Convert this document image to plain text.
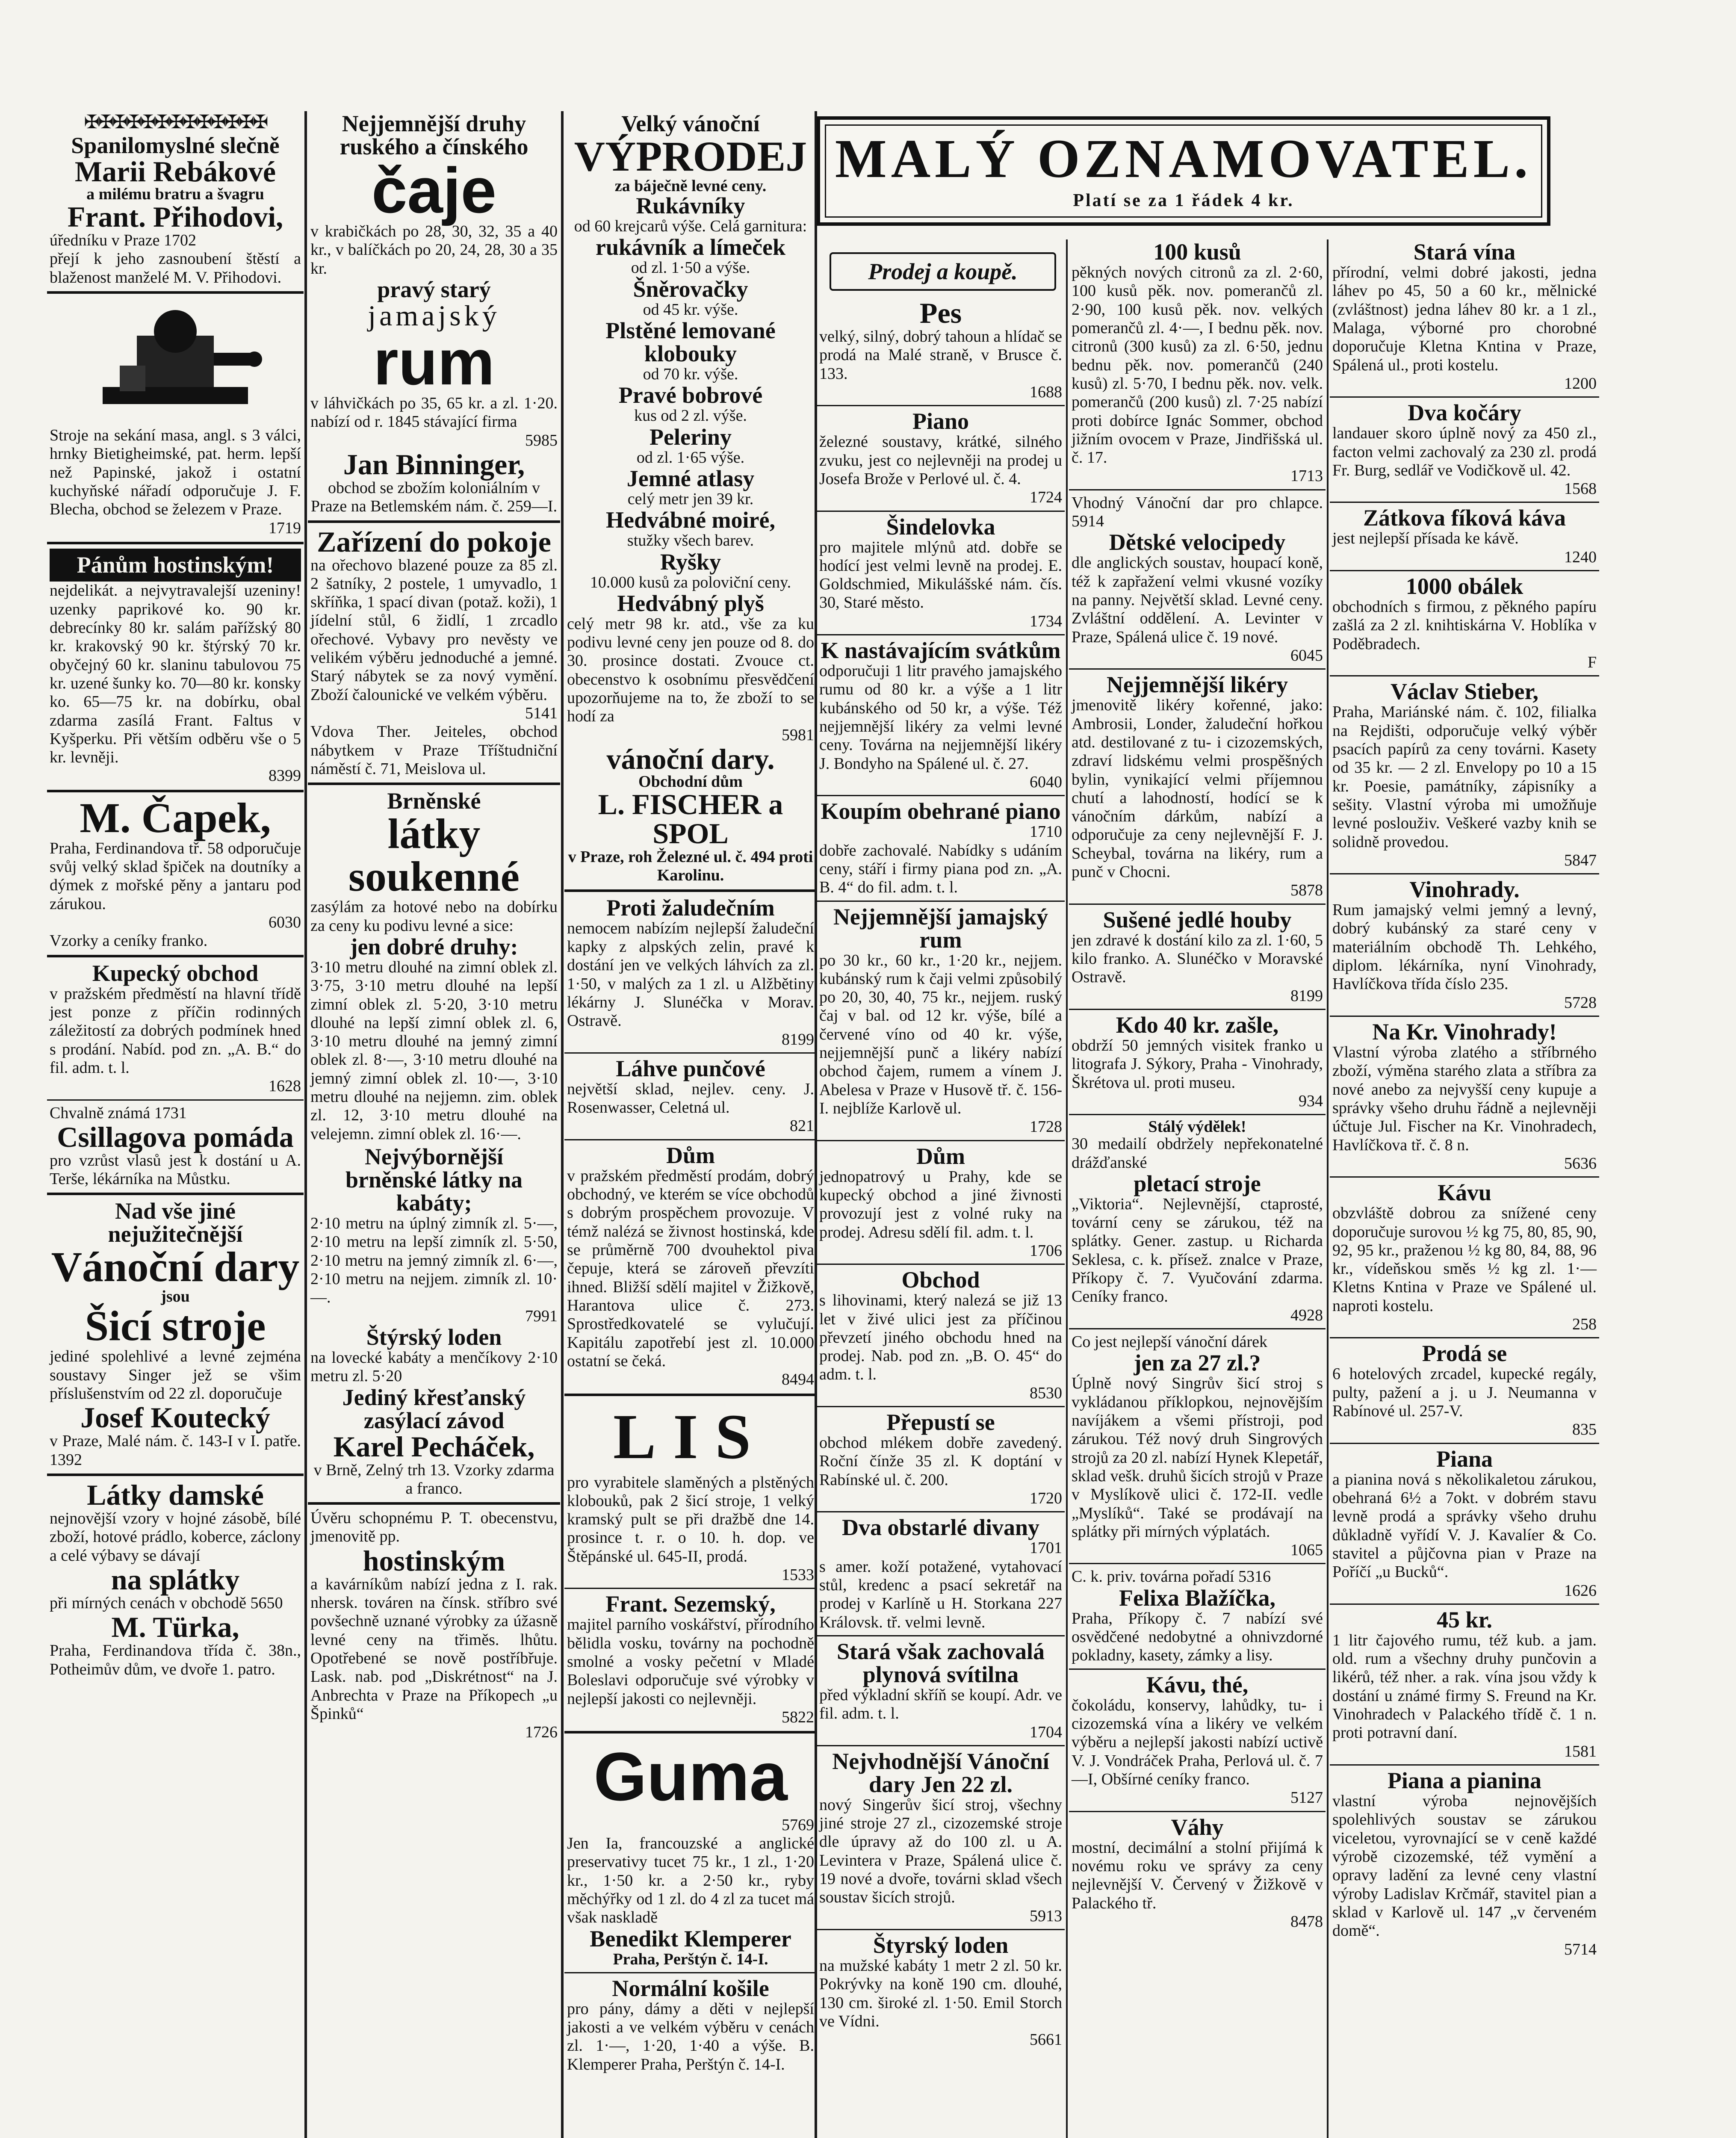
✠✠✠✠✠✠✠✠✠✠✠✠✠
Spanilomyslné slečně
Marii Rebákové
a milému bratru a švagru
Frant. Přihodovi,

úředníku v Praze 1702

přejí k jeho zasnoubení štěstí a blaženost manželé M. V. Přihodovi.

Stroje na sekání masa, angl. s 3 válci, hrnky Bietigheimské, pat. herm. lepší než Papinské, jakož i ostatní kuchyňské nářadí odporučuje J. F. Blecha, obchod se železem v Praze.

1719
Pánům hostinským!

nejdelikát. a nejvytravalejší uzeniny! uzenky paprikové ko. 90 kr. debrecínky 80 kr. salám pařížský 80 kr. krakovský 90 kr. štýrský 70 kr. obyčejný 60 kr. slaninu tabulovou 75 kr. uzené šunky ko. 70—80 kr. konsky ko. 65—75 kr. na dobírku, obal zdarma zasílá Frant. Faltus v Kyšperku. Při větším odběru vše o 5 kr. levněji.

8399
M. Čapek,

Praha, Ferdinandova tř. 58 odporučuje svůj velký sklad špiček na doutníky a dýmek z mořské pěny a jantaru pod zárukou.

6030

Vzorky a ceníky franko.

Kupecký obchod

v pražském předměstí na hlavní třídě jest ponze z příčin rodinných záležitostí za dobrých podmínek hned s prodání. Nabíd. pod zn. „A. B.“ do fil. adm. t. l.

1628

Chvalně známá 1731

Csillagova pomáda

pro vzrůst vlasů jest k dostání u A. Terše, lékárníka na Můstku.

Nad vše jiné nejužitečnější
Vánoční dary
jsou
Šicí stroje

jediné spolehlivé a levné zejména soustavy Singer jež se všim příslušenstvím od 22 zl. doporučuje

Josef Koutecký

v Praze, Malé nám. č. 143-I v I. patře. 1392

Látky damské

nejnovější vzory v hojné zásobě, bílé zboží, hotové prádlo, koberce, záclony a celé výbavy se dávají

na splátky

při mírných cenách v obchodě 5650

M. Türka,

Praha, Ferdinandova třída č. 38n., Potheimův dům, ve dvoře 1. patro.

Nejjemnější druhy ruského a čínského
čaje

v krabičkách po 28, 30, 32, 35 a 40 kr., v balíčkách po 20, 24, 28, 30 a 35 kr.

pravý starý
jamajský
rum

v láhvičkách po 35, 65 kr. a zl. 1·20. nabízí od r. 1845 stávající firma

5985
Jan Binninger,

obchod se zbožím koloniálním v Praze na Betlemském nám. č. 259—I.

Zařízení do pokoje

na ořechovo blazené pouze za 85 zl. 2 šatníky, 2 postele, 1 umyvadlo, 1 skříňka, 1 spací divan (potaž. koži), 1 jídelní stůl, 6 židlí, 1 zrcadlo ořechové. Vybavy pro nevěsty ve velikém výběru jednoduché a jemné. Starý nábytek se za nový vymění. Zboží čalounické ve velkém výběru.

5141

Vdova Ther. Jeiteles, obchod nábytkem v Praze Tříštudniční náměstí č. 71, Meislova ul.

Brněnské
látky soukenné

zasýlám za hotové nebo na dobírku za ceny ku podivu levné a sice:

jen dobré druhy:

3·10 metru dlouhé na zimní oblek zl. 3·75, 3·10 metru dlouhé na lepší zimní oblek zl. 5·20, 3·10 metru dlouhé na lepší zimní oblek zl. 6, 3·10 metru dlouhé na jemný zimní oblek zl. 8·—, 3·10 metru dlouhé na jemný zimní oblek zl. 10·—, 3·10 metru dlouhé na nejjemn. zim. oblek zl. 12, 3·10 metru dlouhé na velejemn. zimní oblek zl. 16·—.

Nejvýbornější
brněnské látky na kabáty;

2·10 metru na úplný zimník zl. 5·—, 2·10 metru na lepší zimník zl. 5·50, 2·10 metru na jemný zimník zl. 6·—, 2·10 metru na nejjem. zimník zl. 10·—.

7991
Štýrský loden

na lovecké kabáty a menčíkovy 2·10 metru zl. 5·20

Jediný křesťanský zasýlací závod
Karel Pecháček,

v Brně, Zelný trh 13. Vzorky zdarma a franco.

Úvěru schopnému P. T. obecenstvu, jmenovitě pp.

hostinským

a kavárníkům nabízí jedna z I. rak. nhersk. továren na čínsk. stříbro své povšechně uznané výrobky za úžasně levné ceny na třiměs. lhůtu. Opotřebené se nově postříbřuje. Lask. nab. pod „Diskrétnost“ na J. Anbrechta v Praze na Příkopech „u Špinků“

1726
Velký vánoční
VÝPRODEJ
za báječně levné ceny.
Rukávníky

od 60 krejcarů výše. Celá garnitura:

rukávník a límeček

od zl. 1·50 a výše.

Šněrovačky

od 45 kr. výše.

Plstěné lemované klobouky

od 70 kr. výše.

Pravé bobrové

kus od 2 zl. výše.

Peleriny

od zl. 1·65 výše.

Jemné atlasy

celý metr jen 39 kr.

Hedvábné moiré,

stužky všech barev.

Ryšky

10.000 kusů za poloviční ceny.

Hedvábný plyš

celý metr 98 kr. atd., vše za ku podivu levné ceny jen pouze od 8. do 30. prosince dostati. Zvouce ct. obecenstvo k osobnímu přesvědčení upozorňujeme na to, že zboží to se hodí za

5981
vánoční dary.
Obchodní dům
L. FISCHER a SPOL

v Praze, roh Železné ul. č. 494 proti Karolinu.

Proti žaludečním

nemocem nabízím nejlepší žaludeční kapky z alpských zelin, pravé k dostání jen ve velkých láhvích za zl. 1·50, v malých za 1 zl. u Alžbětiny lékárny J. Slunéčka v Morav. Ostravě.

8199
Láhve punčové

největší sklad, nejlev. ceny. J. Rosenwasser, Celetná ul.

821
Dům

v pražském předměstí prodám, dobrý obchodný, ve kterém se více obchodů s dobrým prospěchem provozuje. V témž nalézá se živnost hostinská, kde se průměrně 700 dvouhektol piva čepuje, která se zároveň převzíti ihned. Bližší sdělí majitel v Žižkově, Harantova ulice č. 273. Sprostředkovatelé se vylučují. Kapitálu zapotřebí jest zl. 10.000 ostatní se čeká.

8494
LIS

pro vyrabitele slaměných a plstěných klobouků, pak 2 šicí stroje, 1 velký kramský pult se při dražbě dne 14. prosince t. r. o 10. h. dop. ve Štěpánské ul. 645-II, prodá.

1533
Frant. Sezemský,

majitel parního voskářství, přírodního bělidla vosku, továrny na pochodně smolné a vosky pečetní v Mladé Boleslavi odporučuje své výrobky v nejlepší jakosti co nejlevněji.

5822
Guma
5769

Jen Ia, francouzské a anglické preservativy tucet 75 kr., 1 zl., 1·20 kr., 1·50 kr. a 2·50 kr., ryby měchýřky od 1 zl. do 4 zl za tucet má však naskladě

Benedikt Klemperer

Praha, Perštýn č. 14-I.

Normální košile

pro pány, dámy a děti v nejlepší jakosti a ve velkém výběru v cenách zl. 1·—, 1·20, 1·40 a výše. B. Klemperer Praha, Perštýn č. 14-I.

MALÝ OZNAMOVATEL.
Platí se za 1 řádek 4 kr.
Prodej a koupě.
Pes

velký, silný, dobrý tahoun a hlídač se prodá na Malé straně, v Brusce č. 133.

1688
Piano

železné soustavy, krátké, silného zvuku, jest co nejlevněji na prodej u Josefa Brože v Perlové ul. č. 4.

1724
Šindelovka

pro majitele mlýnů atd. dobře se hodící jest velmi levně na prodej. E. Goldschmied, Mikulášské nám. čís. 30, Staré město.

1734
K nastávajícím svátkům

odporučuji 1 litr pravého jamajského rumu od 80 kr. a výše a 1 litr kubánského od 50 kr, a výše. Též nejjemnější likéry za velmi levné ceny. Továrna na nejjemnější likéry J. Bondyho na Spálené ul. č. 27.

6040
Koupím obehrané piano
1710

dobře zachovalé. Nabídky s udáním ceny, stáří i firmy piana pod zn. „A. B. 4“ do fil. adm. t. l.

Nejjemnější jamajský rum

po 30 kr., 60 kr., 1·20 kr., nejjem. kubánský rum k čaji velmi způsobilý po 20, 30, 40, 75 kr., nejjem. ruský čaj v bal. od 12 kr. výše, bílé a červené víno od 40 kr. výše, nejjemnější punč a likéry nabízí obchod čajem, rumem a vínem J. Abelesa v Praze v Husově tř. č. 156-I. nejblíže Karlově ul.

1728
Dům

jednopatrový u Prahy, kde se kupecký obchod a jiné živnosti provozují jest z volné ruky na prodej. Adresu sdělí fil. adm. t. l.

1706
Obchod

s lihovinami, který nalezá se již 13 let v živé ulici jest za příčinou převzetí jiného obchodu hned na prodej. Nab. pod zn. „B. O. 45“ do adm. t. l.

8530
Přepustí se

obchod mlékem dobře zavedený. Roční čínže 35 zl. K doptání v Rabínské ul. č. 200.

1720
Dva obstarlé divany
1701

s amer. koží potažené, vytahovací stůl, kredenc a psací sekretář na prodej v Karlíně u H. Storkana 227 Královsk. tř. velmi levně.

Stará však zachovalá plynová svítilna

před výkladní skříň se koupí. Adr. ve fil. adm. t. l.

1704
Nejvhodnější Vánoční dary Jen 22 zl.

nový Singerův šicí stroj, všechny jiné stroje 27 zl., cizozemské stroje dle úpravy až do 100 zl. u A. Levintera v Praze, Spálená ulice č. 19 nové a dvoře, továrni sklad všech soustav šicích strojů.

5913
Štyrský loden

na mužské kabáty 1 metr 2 zl. 50 kr. Pokrývky na koně 190 cm. dlouhé, 130 cm. široké zl. 1·50. Emil Storch ve Vídni.

5661
100 kusů

pěkných nových citronů za zl. 2·60, 100 kusů pěk. nov. pomerančů zl. 2·90, 100 kusů pěk. nov. velkých pomerančů zl. 4·—, I bednu pěk. nov. citronů (300 kusů) za zl. 6·50, jednu bednu pěk. nov. pomerančů (240 kusů) zl. 5·70, I bednu pěk. nov. velk. pomerančů (200 kusů) zl. 7·25 nabízí proti dobírce Ignác Sommer, obchod jižním ovocem v Praze, Jindřišská ul. č. 17.

1713

Vhodný Vánoční dar pro chlapce. 5914

Dětské velocipedy

dle anglických soustav, houpací koně, též k zapřažení velmi vkusné vozíky na panny. Největší sklad. Levné ceny. Zvláštní oddělení. A. Levinter v Praze, Spálená ulice č. 19 nové.

6045
Nejjemnější likéry

jmenovitě likéry kořenné, jako: Ambrosii, Londer, žaludeční hořkou atd. destilované z tu- i cizozemských, zdraví lidskému velmi prospěšných bylin, vynikající velmi příjemnou chutí a lahodností, hodící se k vánočním dárkům, nabízí a odporučuje za ceny nejlevnější F. J. Scheybal, továrna na likéry, rum a punč v Chocni.

5878
Sušené jedlé houby

jen zdravé k dostání kilo za zl. 1·60, 5 kilo franko. A. Slunéčko v Moravské Ostravě.

8199
Kdo 40 kr. zašle,

obdrží 50 jemných visitek franko u litografa J. Sýkory, Praha - Vinohrady, Škrétova ul. proti museu.

934
Stálý výdělek!

30 medailí obdržely nepřekonatelné drážďanské

pletací stroje

„Viktoria“. Nejlevnější, ctaprosté, tovární ceny se zárukou, též na splátky. Gener. zastup. u Richarda Seklesa, c. k. přísež. znalce v Praze, Příkopy č. 7. Vyučování zdarma. Ceníky franco.

4928

Co jest nejlepší vánoční dárek

jen za 27 zl.?

Úplně nový Singrův šicí stroj s vykládanou příklopkou, nejnovějším navíjákem a všemi přístroji, pod zárukou. Též nový druh Singrových strojů za 20 zl. nabízí Hynek Klepetář, sklad vešk. druhů šicích strojů v Praze v Myslíkově ulici č. 172-II. vedle „Myslíků“. Také se prodávají na splátky při mírných výplatách.

1065

C. k. priv. továrna pořadí 5316

Felixa Blažíčka,

Praha, Příkopy č. 7 nabízí své osvědčené nedobytné a ohnivzdorné pokladny, kasety, zámky a lisy.

Kávu, thé,

čokoládu, konservy, lahůdky, tu- i cizozemská vína a likéry ve velkém výběru a nejlepší jakosti nabízí uctivě V. J. Vondráček Praha, Perlová ul. č. 7—I, Obšírné ceníky franco.

5127
Váhy

mostní, decimální a stolní přijímá k novému roku ve správy za ceny nejlevnější V. Červený v Žižkově v Palackého tř.

8478
Stará vína

přírodní, velmi dobré jakosti, jedna láhev po 45, 50 a 60 kr., mělnické (zvláštnost) jedna láhev 80 kr. a 1 zl., Malaga, výborné pro chorobné doporučuje Kletna Kntina v Praze, Spálená ul., proti kostelu.

1200
Dva kočáry

landauer skoro úplně nový za 450 zl., facton velmi zachovalý za 230 zl. prodá Fr. Burg, sedlář ve Vodičkově ul. 42.

1568
Zátkova fíková káva

jest nejlepší přísada ke kávě.

1240
1000 obálek

obchodních s firmou, z pěkného papíru zašlá za 2 zl. knihtiskárna V. Hoblíka v Poděbradech.

F
Václav Stieber,

Praha, Mariánské nám. č. 102, filialka na Rejdišti, odporučuje velký výběr psacích papírů za ceny továrni. Kasety od 35 kr. — 2 zl. Envelopy po 10 a 15 kr. Poesie, památníky, zápisníky a sešity. Vlastní výroba mi umožňuje levné poslouživ. Veškeré vazby knih se solidně provedou.

5847
Vinohrady.

Rum jamajský velmi jemný a levný, dobrý kubánský za staré ceny v materiálním obchodě Th. Lehkého, diplom. lékárníka, nyní Vinohrady, Havlíčkova třída číslo 235.

5728
Na Kr. Vinohrady!

Vlastní výroba zlatého a stříbrného zboží, výměna starého zlata a stříbra za nové anebo za nejvyšší ceny kupuje a správky všeho druhu řádně a nejlevněji účtuje Jul. Fischer na Kr. Vinohradech, Havlíčkova tř. č. 8 n.

5636
Kávu

obzvláště dobrou za snížené ceny doporučuje surovou ½ kg 75, 80, 85, 90, 92, 95 kr., praženou ½ kg 80, 84, 88, 96 kr., vídeňskou směs ½ kg zl. 1·— Kletns Kntina v Praze ve Spálené ul. naproti kostelu.

258
Prodá se

6 hotelových zrcadel, kupecké regály, pulty, pažení a j. u J. Neumanna v Rabínové ul. 257-V.

835
Piana

a pianina nová s několikaletou zárukou, obehraná 6½ a 7okt. v dobrém stavu levně prodá a správky všeho druhu důkladně vyřídí V. J. Kavalíer & Co. stavitel a půjčovna pian v Praze na Poříčí „u Bucků“.

1626
45 kr.

1 litr čajového rumu, též kub. a jam. old. rum a všechny druhy punčovin a likérů, též nher. a rak. vína jsou vždy k dostání u známé firmy S. Freund na Kr. Vinohradech v Palackého třídě č. 1 n. proti potravní daní.

1581
Piana a pianina

vlastní výroba nejnovějších spolehlivých soustav se zárukou viceletou, vyrovnající se v ceně každé výrobě cizozemské, též vymění a opravy ladění za levné ceny vlastní výroby Ladislav Krčmář, stavitel pian a sklad v Karlově ul. 147 „v červeném domě“.

5714
